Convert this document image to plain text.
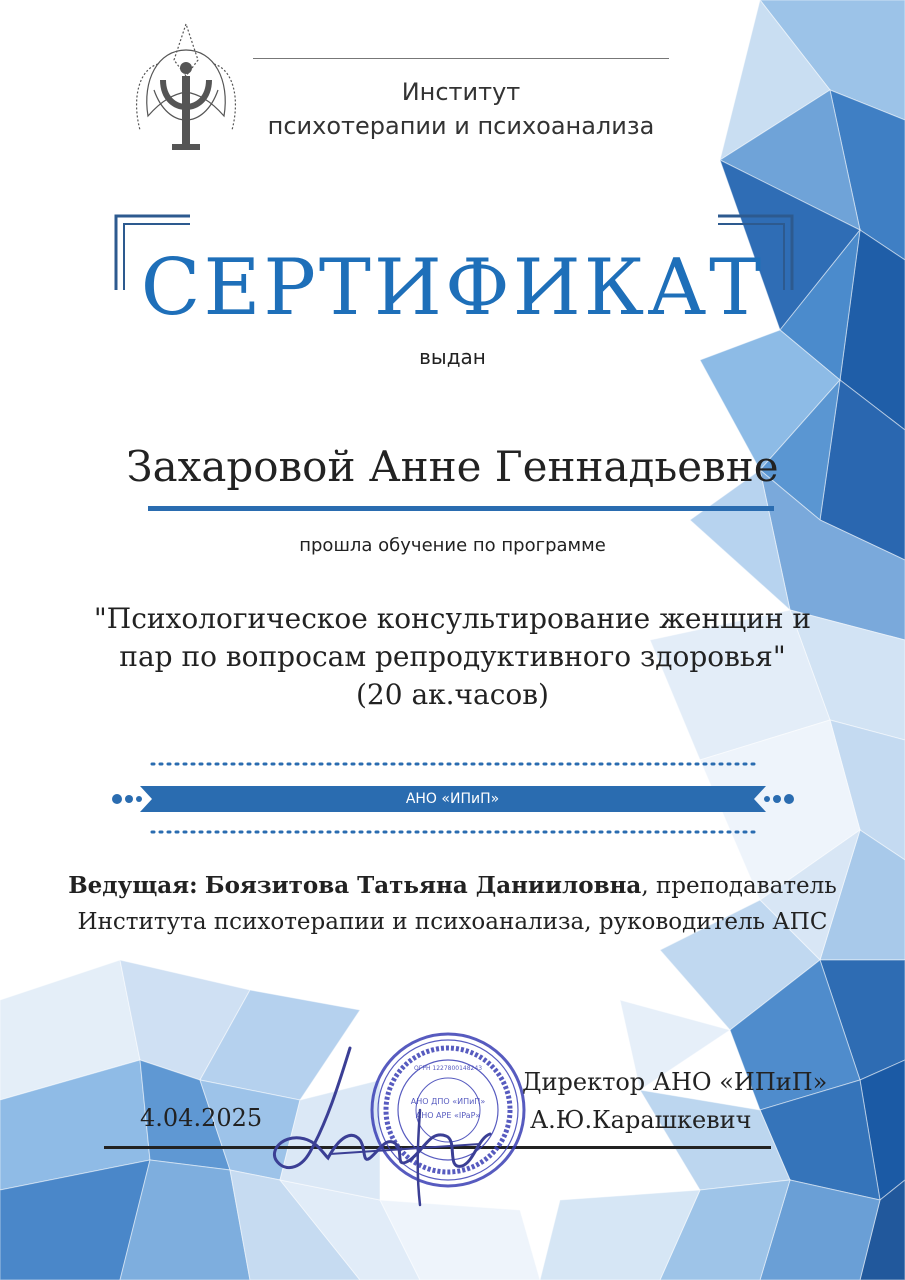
Институт
психотерапии и психоанализа
СЕРТИФИКАТ
выдан
Захаровой Анне Геннадьевне
прошла обучение по программе
"Психологическое консультирование женщин и
пар по вопросам репродуктивного здоровья"
(20 ак.часов)
АНО «ИПиП»
Ведущая: Боязитова Татьяна Данииловна, преподаватель
Института психотерапии и психоанализа, руководитель АПС
4.04.2025
Директор АНО «ИПиП»
А.Ю.Карашкевич
АНО ДПО «ИПиП»
АНО APE «IPaP»
ОГРН 1227800148243
